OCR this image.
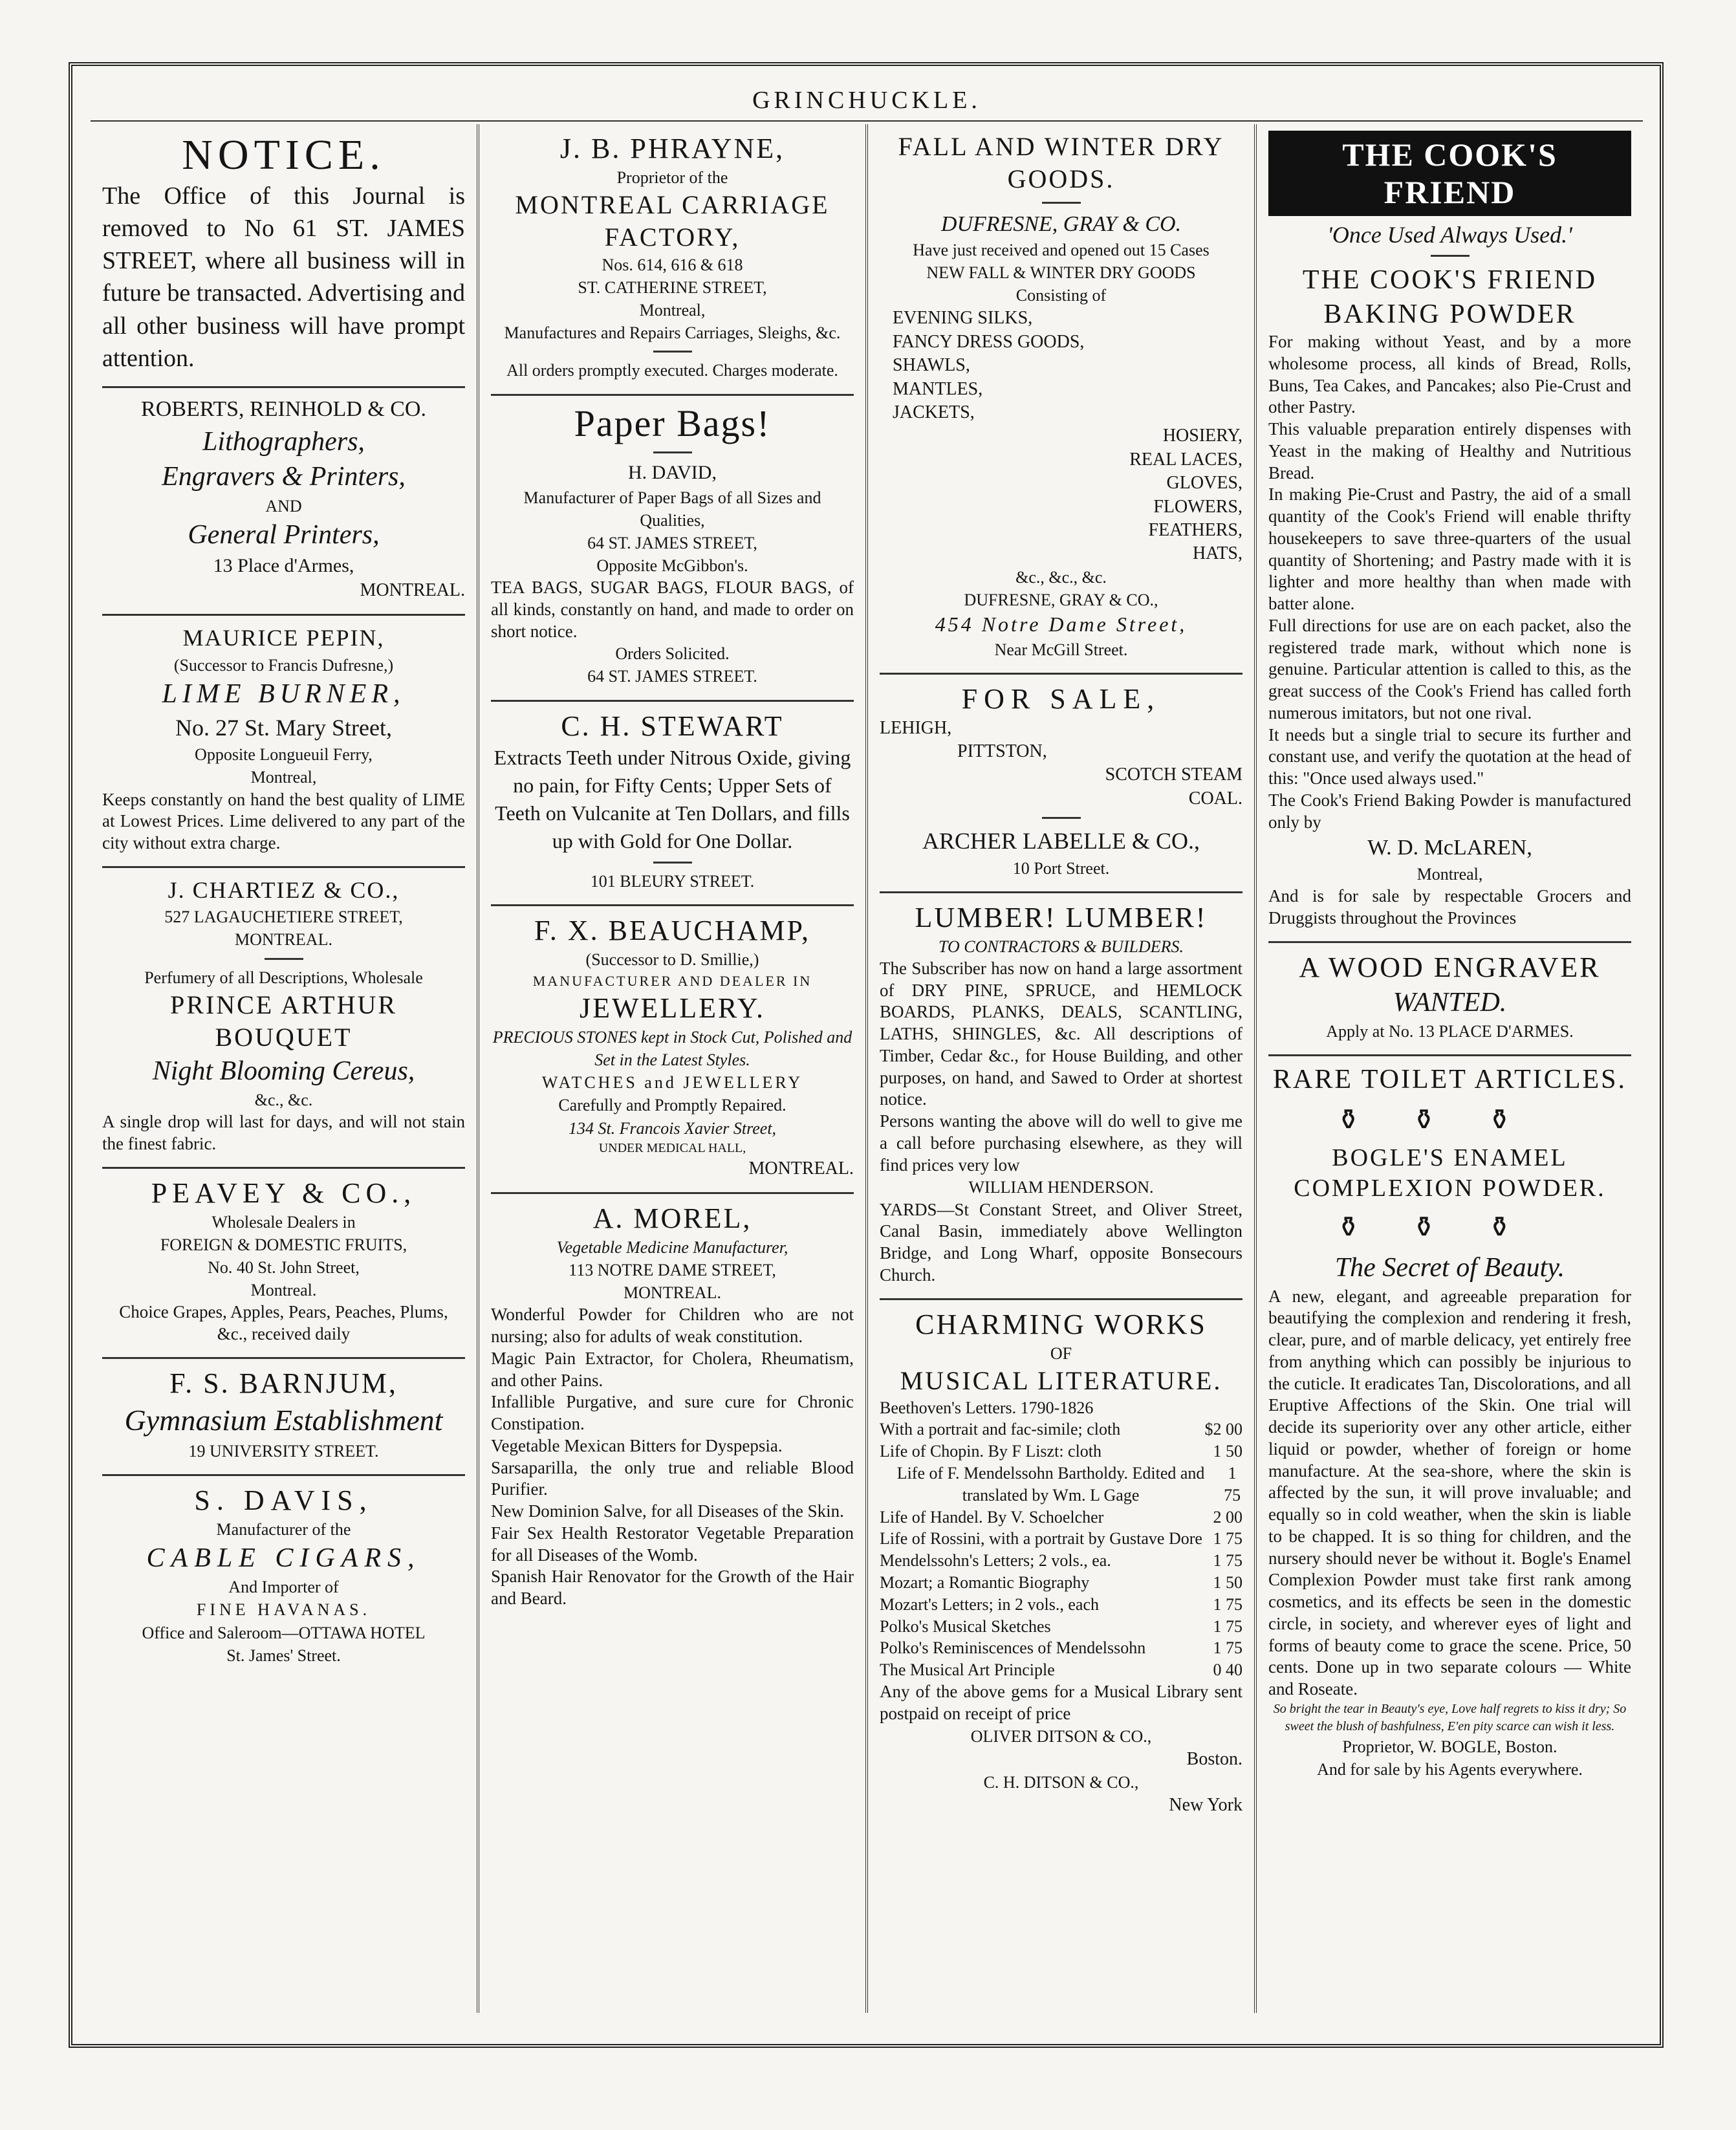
GRINCHUCKLE.
NOTICE.
The Office of this Journal is removed to No 61 ST. JAMES STREET, where all business will in future be transacted. Advertising and all other business will have prompt attention.
ROBERTS, REINHOLD & CO.
Lithographers,
Engravers & Printers,
AND
General Printers,
13 Place d'Armes,
MONTREAL.
MAURICE PEPIN,
(Successor to Francis Dufresne,)
LIME BURNER,
No. 27 St. Mary Street,
Opposite Longueuil Ferry,
Montreal,
Keeps constantly on hand the best quality of LIME at Lowest Prices. Lime delivered to any part of the city without extra charge.
J. CHARTIEZ & CO.,
527 LAGAUCHETIERE STREET,
MONTREAL.
Perfumery of all Descriptions, Wholesale
PRINCE ARTHUR BOUQUET
Night Blooming Cereus,
&c., &c.
A single drop will last for days, and will not stain the finest fabric.
PEAVEY & CO.,
Wholesale Dealers in
FOREIGN & DOMESTIC FRUITS,
No. 40 St. John Street,
Montreal.
Choice Grapes, Apples, Pears, Peaches, Plums, &c., received daily
F. S. BARNJUM,
Gymnasium Establishment
19 UNIVERSITY STREET.
S. DAVIS,
Manufacturer of the
CABLE CIGARS,
And Importer of
FINE HAVANAS.
Office and Saleroom—OTTAWA HOTEL
St. James' Street.
J. B. PHRAYNE,
Proprietor of the
MONTREAL CARRIAGE FACTORY,
Nos. 614, 616 & 618
ST. CATHERINE STREET,
Montreal,
Manufactures and Repairs Carriages, Sleighs, &c.
All orders promptly executed. Charges moderate.
Paper Bags!
H. DAVID,
Manufacturer of Paper Bags of all Sizes and Qualities,
64 ST. JAMES STREET,
Opposite McGibbon's.
TEA BAGS, SUGAR BAGS, FLOUR BAGS, of all kinds, constantly on hand, and made to order on short notice.
Orders Solicited.
64 ST. JAMES STREET.
C. H. STEWART
Extracts Teeth under Nitrous Oxide, giving no pain, for Fifty Cents; Upper Sets of Teeth on Vulcanite at Ten Dollars, and fills up with Gold for One Dollar.
101 BLEURY STREET.
F. X. BEAUCHAMP,
(Successor to D. Smillie,)
MANUFACTURER AND DEALER IN
JEWELLERY.
PRECIOUS STONES kept in Stock Cut, Polished and Set in the Latest Styles.
WATCHES and JEWELLERY
Carefully and Promptly Repaired.
134 St. Francois Xavier Street,
UNDER MEDICAL HALL,
MONTREAL.
A. MOREL,
Vegetable Medicine Manufacturer,
113 NOTRE DAME STREET,
MONTREAL.
Wonderful Powder for Children who are not nursing; also for adults of weak constitution.
Magic Pain Extractor, for Cholera, Rheumatism, and other Pains.
Infallible Purgative, and sure cure for Chronic Constipation.
Vegetable Mexican Bitters for Dyspepsia.
Sarsaparilla, the only true and reliable Blood Purifier.
New Dominion Salve, for all Diseases of the Skin.
Fair Sex Health Restorator Vegetable Preparation for all Diseases of the Womb.
Spanish Hair Renovator for the Growth of the Hair and Beard.
FALL AND WINTER DRY GOODS.
DUFRESNE, GRAY & CO.
Have just received and opened out 15 Cases
NEW FALL & WINTER DRY GOODS
Consisting of
EVENING SILKS,
FANCY DRESS GOODS,
SHAWLS,
MANTLES,
JACKETS,
HOSIERY,
REAL LACES,
GLOVES,
FLOWERS,
FEATHERS,
HATS,
&c., &c., &c.
DUFRESNE, GRAY & CO.,
454 Notre Dame Street,
Near McGill Street.
FOR SALE,
LEHIGH,
PITTSTON,
SCOTCH STEAM
COAL.
ARCHER LABELLE & CO.,
10 Port Street.
LUMBER! LUMBER!
TO CONTRACTORS & BUILDERS.
The Subscriber has now on hand a large assortment of DRY PINE, SPRUCE, and HEMLOCK BOARDS, PLANKS, DEALS, SCANTLING, LATHS, SHINGLES, &c. All descriptions of Timber, Cedar &c., for House Building, and other purposes, on hand, and Sawed to Order at shortest notice.
Persons wanting the above will do well to give me a call before purchasing elsewhere, as they will find prices very low
WILLIAM HENDERSON.
YARDS—St Constant Street, and Oliver Street, Canal Basin, immediately above Wellington Bridge, and Long Wharf, opposite Bonsecours Church.
CHARMING WORKS
OF
MUSICAL LITERATURE.
Beethoven's Letters. 1790-1826
With a portrait and fac-simile; cloth	$2 00
Life of Chopin. By F Liszt: cloth	1 50
Life of F. Mendelssohn Bartholdy. Edited and translated by Wm. L Gage
1 75
Life of Handel. By V. Schoelcher	2 00
Life of Rossini, with a portrait by Gustave Dore 1 75
Mendelssohn's Letters; 2 vols., ea.	1 75
Mozart; a Romantic Biography	1 50
Mozart's Letters; in 2 vols., each	1 75
Polko's Musical Sketches	1 75
Polko's Reminiscences of Mendelssohn	1 75
The Musical Art Principle	0 40
Any of the above gems for a Musical Library sent postpaid on receipt of price
OLIVER DITSON & CO.,
Boston.
C. H. DITSON & CO.,
New York
THE COOK'S FRIEND
'Once Used Always Used.'
THE COOK'S FRIEND BAKING POWDER
For making without Yeast, and by a more wholesome process, all kinds of Bread, Rolls, Buns, Tea Cakes, and Pancakes; also Pie-Crust and other Pastry.
This valuable preparation entirely dispenses with Yeast in the making of Healthy and Nutritious Bread.
In making Pie-Crust and Pastry, the aid of a small quantity of the Cook's Friend will enable thrifty housekeepers to save three-quarters of the usual quantity of Shortening; and Pastry made with it is lighter and more healthy than when made with batter alone.
Full directions for use are on each packet, also the registered trade mark, without which none is genuine. Particular attention is called to this, as the great success of the Cook's Friend has called forth numerous imitators, but not one rival.
It needs but a single trial to secure its further and constant use, and verify the quotation at the head of this: "Once used always used."
The Cook's Friend Baking Powder is manufactured only by
W. D. McLAREN,
Montreal,
And is for sale by respectable Grocers and Druggists throughout the Provinces
A WOOD ENGRAVER
WANTED.
Apply at No. 13 PLACE D'ARMES.
RARE TOILET ARTICLES.
⚱⚱⚱
BOGLE'S ENAMEL COMPLEXION POWDER.
⚱⚱⚱
The Secret of Beauty.
A new, elegant, and agreeable preparation for beautifying the complexion and rendering it fresh, clear, pure, and of marble delicacy, yet entirely free from anything which can possibly be injurious to the cuticle. It eradicates Tan, Discolorations, and all Eruptive Affections of the Skin. One trial will decide its superiority over any other article, either liquid or powder, whether of foreign or home manufacture. At the sea-shore, where the skin is affected by the sun, it will prove invaluable; and equally so in cold weather, when the skin is liable to be chapped. It is so thing for children, and the nursery should never be without it. Bogle's Enamel Complexion Powder must take first rank among cosmetics, and its effects be seen in the domestic circle, in society, and wherever eyes of light and forms of beauty come to grace the scene. Price, 50 cents. Done up in two separate colours — White and Roseate.
So bright the tear in Beauty's eye, Love half regrets to kiss it dry; So sweet the blush of bashfulness, E'en pity scarce can wish it less.
Proprietor, W. BOGLE, Boston.
And for sale by his Agents everywhere.
